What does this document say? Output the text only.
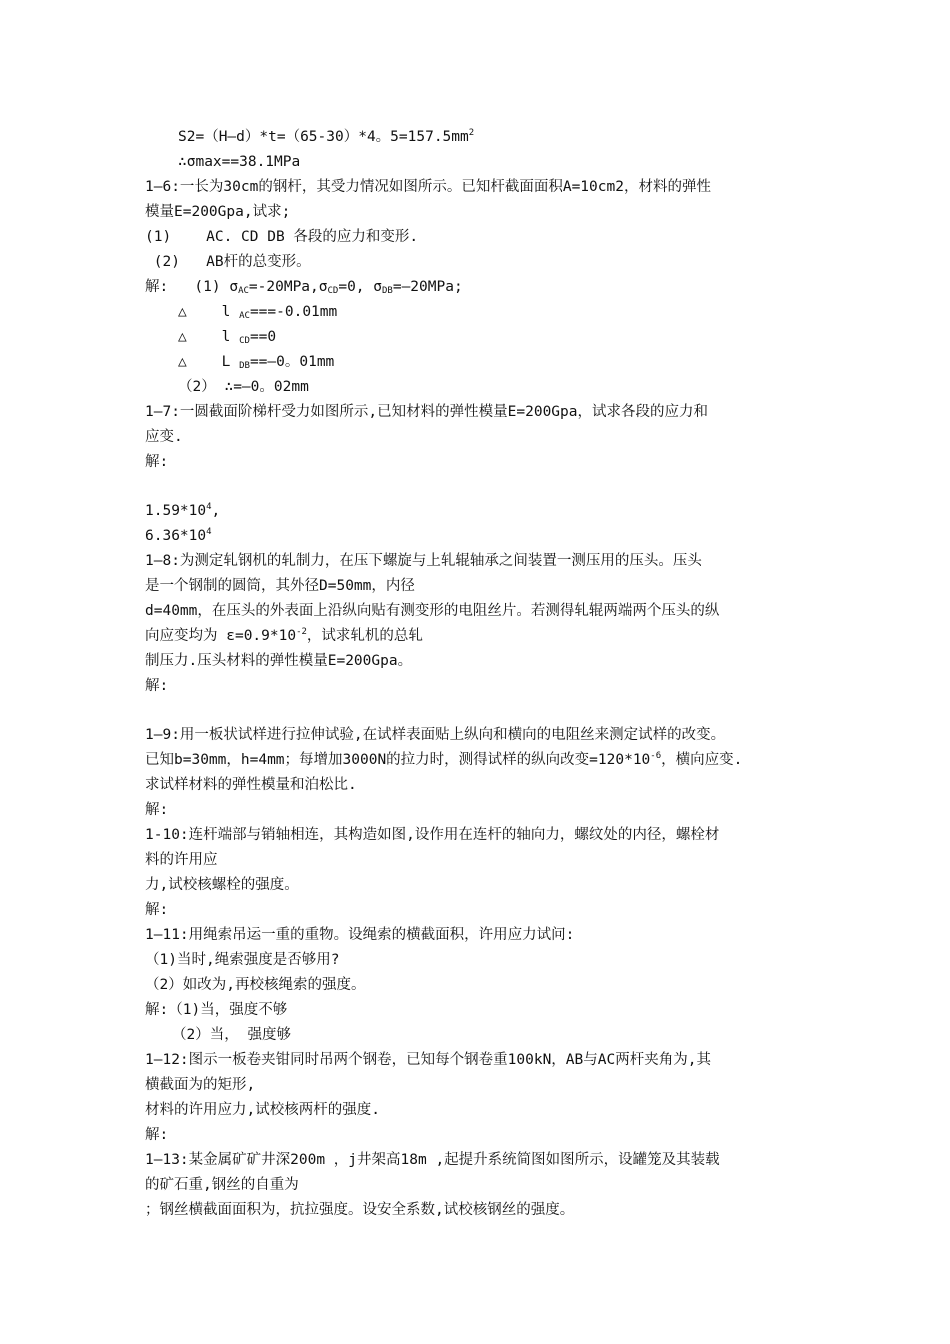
S2=（H—d）*t=（65-30）*4。$5=157.5mm^2$
∴σmax==38.1MPa
1—6:一长为30cm的钢杆，其受力情况如图所示。已知杆截面面积A=10cm2，材料的弹性
模量E=200Gpa,试求;
(1)    AC. CD DB 各段的应力和变形.
(2)   AB杆的总变形。
解:   (1) $\sigma_{AC}=-20MPa,\sigma_{CD}=0$, $\sigma_{DB}=—20MPa$;
△    l $_{AC}$===-0.01mm
△    l $_{CD}$==0
△    L $_{DB}$==—0。01mm
（2） ∴=—0。02mm
1—7:一圆截面阶梯杆受力如图所示,已知材料的弹性模量E=200Gpa，试求各段的应力和
应变.
解:
$1.59*10^4$,
$6.36*10^4$
1—8:为测定轧钢机的轧制力，在压下螺旋与上轧辊轴承之间装置一测压用的压头。压头
是一个钢制的圆筒，其外径D=50mm，内径
d=40mm，在压头的外表面上沿纵向贴有测变形的电阻丝片。若测得轧辊两端两个压头的纵
向应变均为 $\varepsilon=0.9*10^{-2}$，试求轧机的总轧
制压力.压头材料的弹性模量E=200Gpa。
解:
1—9:用一板状试样进行拉伸试验,在试样表面贴上纵向和横向的电阻丝来测定试样的改变。
已知b=30mm，h=4mm；每增加3000N的拉力时，测得试样的纵向改变$=120*10^{-6}$，横向应变.
求试样材料的弹性模量和泊松比.
解:
1-10:连杆端部与销轴相连，其构造如图,设作用在连杆的轴向力，螺纹处的内径，螺栓材
料的许用应
力,试校核螺栓的强度。
解:
1—11:用绳索吊运一重的重物。设绳索的横截面积，许用应力试问:
（1)当时,绳索强度是否够用?
（2）如改为,再校核绳索的强度。
解:（1)当，强度不够
（2）当， 强度够
1—12:图示一板卷夹钳同时吊两个钢卷，已知每个钢卷重100kN，AB与AC两杆夹角为,其
横截面为的矩形,
材料的许用应力,试校核两杆的强度.
解:
1—13:某金属矿矿井深200m ，j井架高18m ,起提升系统简图如图所示，设罐笼及其装载
的矿石重,钢丝的自重为
；钢丝横截面面积为，抗拉强度。设安全系数,试校核钢丝的强度。
